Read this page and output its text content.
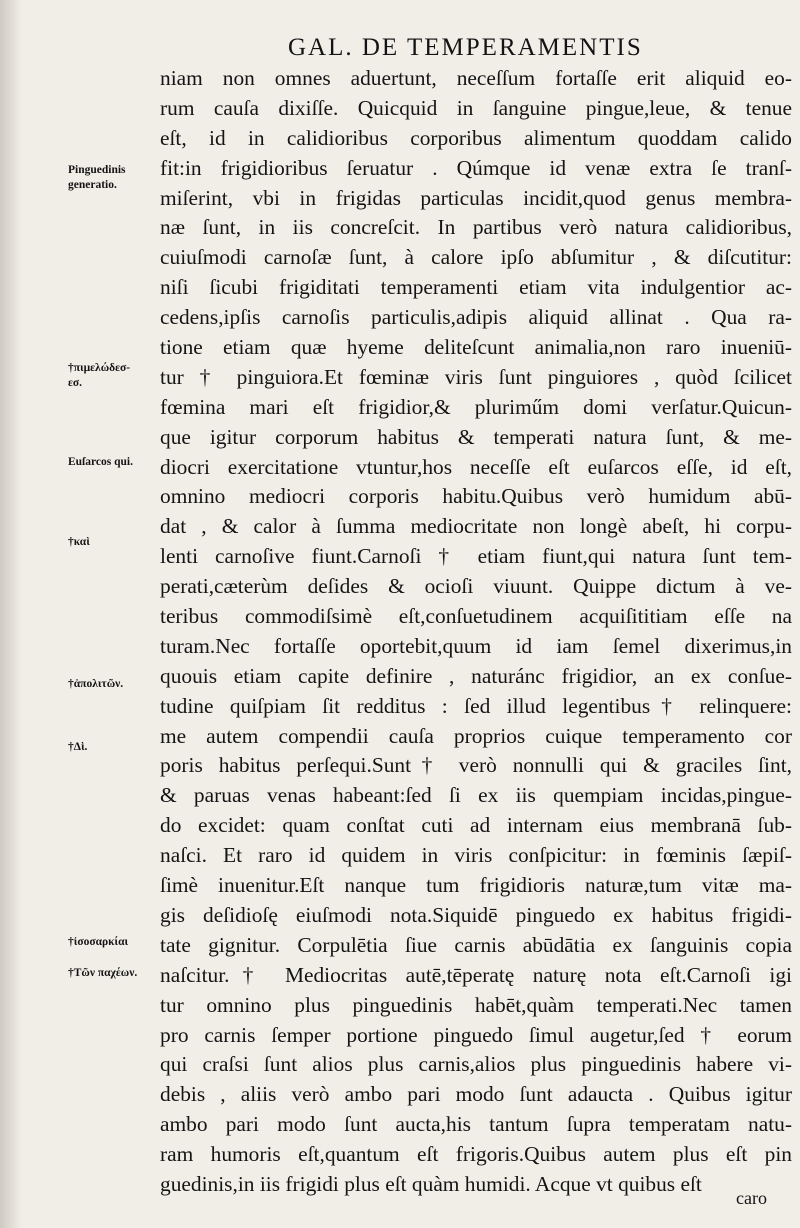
GAL. DE TEMPERAMENTIS
niam non omnes aduertunt, neceſſum fortaſſe erit aliquid eo-
rum cauſa dixiſſe. Quicquid in ſanguine pingue,leue, & tenue
eſt, id in calidioribus corporibus alimentum quoddam calido
fit:in frigidioribus ſeruatur . Qúmque id venæ extra ſe tranſ-
miſerint, vbi in frigidas particulas incidit,quod genus membra-
næ ſunt, in iis concreſcit. In partibus verò natura calidioribus,
cuiuſmodi carnoſæ ſunt, à calore ipſo abſumitur , & diſcutitur:
niſi ſicubi frigiditati temperamenti etiam vita indulgentior ac-
cedens,ipſis carnoſis particulis,adipis aliquid allinat . Qua ra-
tione etiam quæ hyeme deliteſcunt animalia,non raro inueniū-
tur † pinguiora.Et fœminæ viris ſunt pinguiores , quòd ſcilicet
fœmina mari eſt frigidior,& pluriműm domi verſatur.Quicun-
que igitur corporum habitus & temperati natura ſunt, & me-
diocri exercitatione vtuntur,hos neceſſe eſt euſarcos eſſe, id eſt,
omnino mediocri corporis habitu.Quibus verò humidum abū-
dat , & calor à ſumma mediocritate non longè abeſt, hi corpu-
lenti carnoſive fiunt.Carnoſi † etiam fiunt,qui natura ſunt tem-
perati,cæterùm deſides & ocioſi viuunt. Quippe dictum à ve-
teribus commodiſsimè eſt,conſuetudinem acquiſititiam eſſe na
turam.Nec fortaſſe oportebit,quum id iam ſemel dixerimus,in
quouis etiam capite definire , naturánc frigidior, an ex conſue-
tudine quiſpiam ſit redditus : ſed illud legentibus† relinquere:
me autem compendii cauſa proprios cuique temperamento cor
poris habitus perſequi.Sunt† verò nonnulli qui & graciles ſint,
& paruas venas habeant:ſed ſi ex iis quempiam incidas,pingue-
do excidet: quam conſtat cuti ad internam eius membranā ſub-
naſci. Et raro id quidem in viris conſpicitur: in fœminis ſæpiſ-
ſimè inuenitur.Eſt nanque tum frigidioris naturæ,tum vitæ ma-
gis deſidioſę eiuſmodi nota.Siquidē pinguedo ex habitus frigidi-
tate gignitur. Corpulētia ſiue carnis abūdātia ex ſanguinis copia
naſcitur.† Mediocritas autē,tēperatę naturę nota eſt.Carnoſi igi
tur omnino plus pinguedinis habēt,quàm temperati.Nec tamen
pro carnis ſemper portione pinguedo ſimul augetur,ſed † eorum
qui craſsi ſunt alios plus carnis,alios plus pinguedinis habere vi-
debis , aliis verò ambo pari modo ſunt adaucta . Quibus igitur
ambo pari modo ſunt aucta,his tantum ſupra temperatam natu-
ram humoris eſt,quantum eſt frigoris.Quibus autem plus eſt pin
guedinis,in iis frigidi plus eſt quàm humidi. Acque vt quibus eſt
Pinguedinis
generatio.
†πιμελώδεσ-
εσ.
Euſarcos qui.
†καὶ
†ἀπολιτῶν.
†Δὶ.
†ἰσοσαρκίαι
†Τῶν παχέων.
caro
